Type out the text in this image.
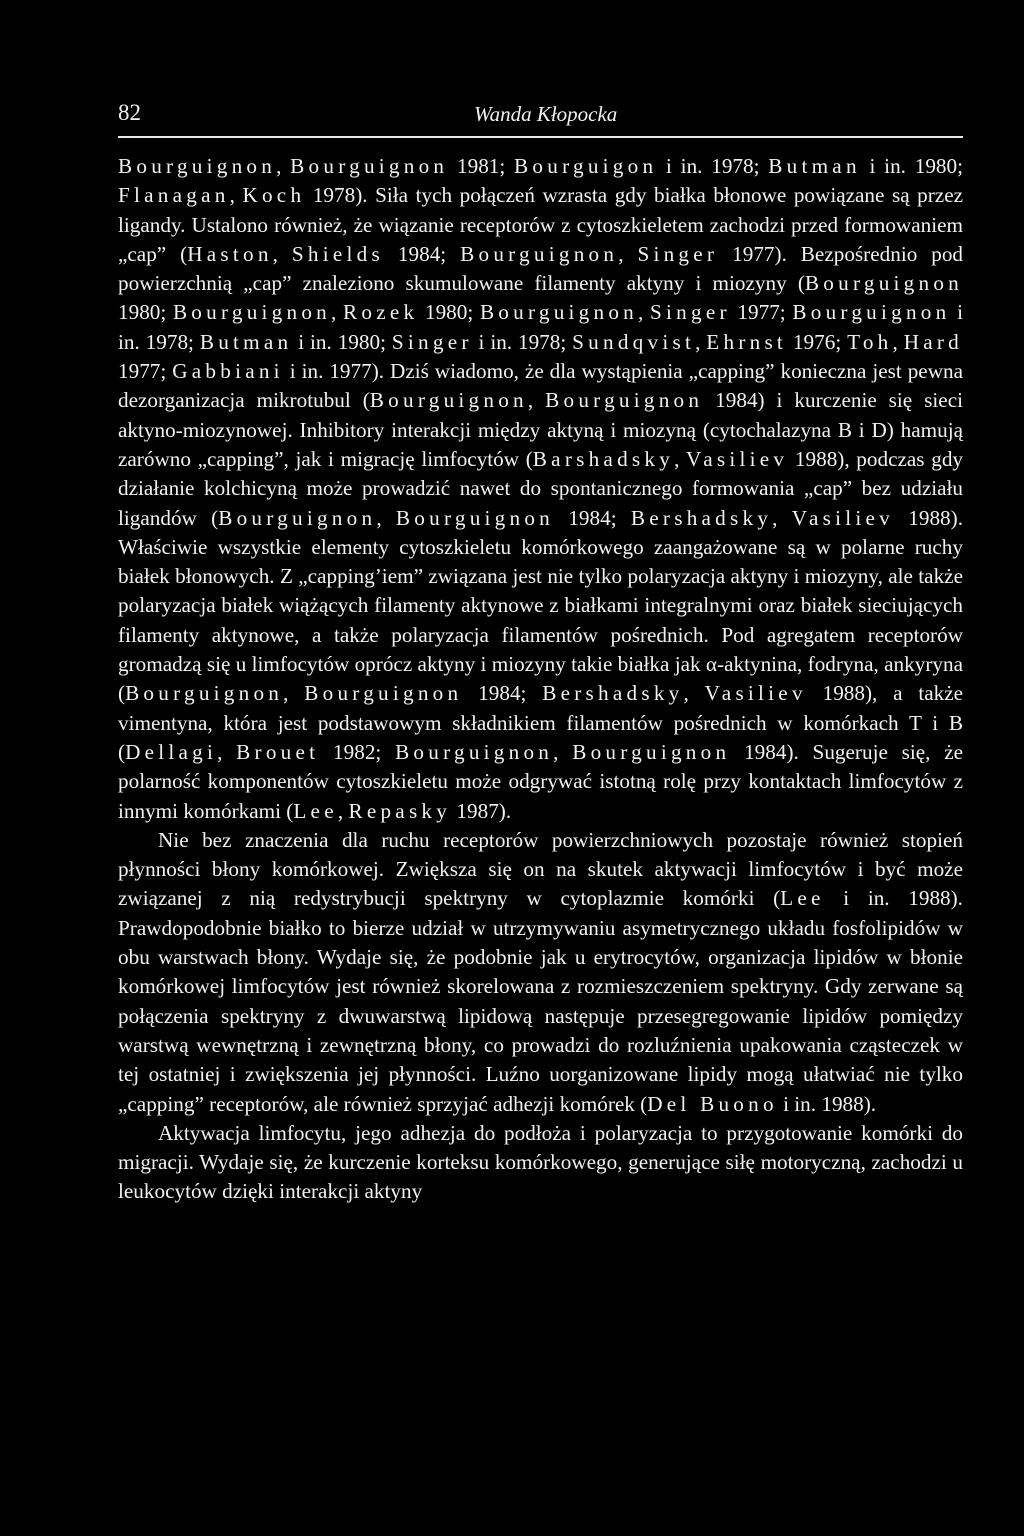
82	Wanda Kłopocka

Bourguignon, Bourguignon 1981; Bourguigon i in. 1978; Butman i in. 1980; Flanagan, Koch 1978). Siła tych połączeń wzrasta gdy białka błonowe powiązane są przez ligandy. Ustalono również, że wiązanie receptorów z cytoszkieletem zachodzi przed formowaniem „cap” (Haston, Shields 1984; Bourguignon, Singer 1977). Bezpośrednio pod powierzchnią „cap” znaleziono skumulowane filamenty aktyny i miozyny (Bourguignon 1980; Bourguignon, Rozek 1980; Bourguignon, Singer 1977; Bourguignon i in. 1978; Butman i in. 1980; Singer i in. 1978; Sundqvist, Ehrnst 1976; Toh, Hard 1977; Gabbiani i in. 1977). Dziś wiadomo, że dla wystąpienia „capping” konieczna jest pewna dezorganizacja mikrotubul (Bourguignon, Bourguignon 1984) i kurczenie się sieci aktyno-miozynowej. Inhibitory interakcji między aktyną i miozyną (cytochalazyna B i D) hamują zarówno „capping”, jak i migrację limfocytów (Barshadsky, Vasiliev 1988), podczas gdy działanie kolchicyną może prowadzić nawet do spontanicznego formowania „cap” bez udziału ligandów (Bourguignon, Bourguignon 1984; Bershadsky, Vasiliev 1988). Właściwie wszystkie elementy cytoszkieletu komórkowego zaangażowane są w polarne ruchy białek błonowych. Z „capping’iem” związana jest nie tylko polaryzacja aktyny i miozyny, ale także polaryzacja białek wiążących filamenty aktynowe z białkami integralnymi oraz białek sieciujących filamenty aktynowe, a także polaryzacja filamentów pośrednich. Pod agregatem receptorów gromadzą się u limfocytów oprócz aktyny i miozyny takie białka jak α-aktynina, fodryna, ankyryna (Bourguignon, Bourguignon 1984; Bershadsky, Vasiliev 1988), a także vimentyna, która jest podstawowym składnikiem filamentów pośrednich w komórkach T i B (Dellagi, Brouet 1982; Bourguignon, Bourguignon 1984). Sugeruje się, że polarność komponentów cytoszkieletu może odgrywać istotną rolę przy kontaktach limfocytów z innymi komórkami (Lee, Repasky 1987).

Nie bez znaczenia dla ruchu receptorów powierzchniowych pozostaje również stopień płynności błony komórkowej. Zwiększa się on na skutek aktywacji limfocytów i być może związanej z nią redystrybucji spektryny w cytoplazmie komórki (Lee i in. 1988). Prawdopodobnie białko to bierze udział w utrzymywaniu asymetrycznego układu fosfolipidów w obu warstwach błony. Wydaje się, że podobnie jak u erytrocytów, organizacja lipidów w błonie komórkowej limfocytów jest również skorelowana z rozmieszczeniem spektryny. Gdy zerwane są połączenia spektryny z dwuwarstwą lipidową następuje przesegregowanie lipidów pomiędzy warstwą wewnętrzną i zewnętrzną błony, co prowadzi do rozluźnienia upakowania cząsteczek w tej ostatniej i zwiększenia jej płynności. Luźno uorganizowane lipidy mogą ułatwiać nie tylko „capping” receptorów, ale również sprzyjać adhezji komórek (Del Buono i in. 1988).

Aktywacja limfocytu, jego adhezja do podłoża i polaryzacja to przygotowanie komórki do migracji. Wydaje się, że kurczenie korteksu komórkowego, generujące siłę motoryczną, zachodzi u leukocytów dzięki interakcji aktyny
